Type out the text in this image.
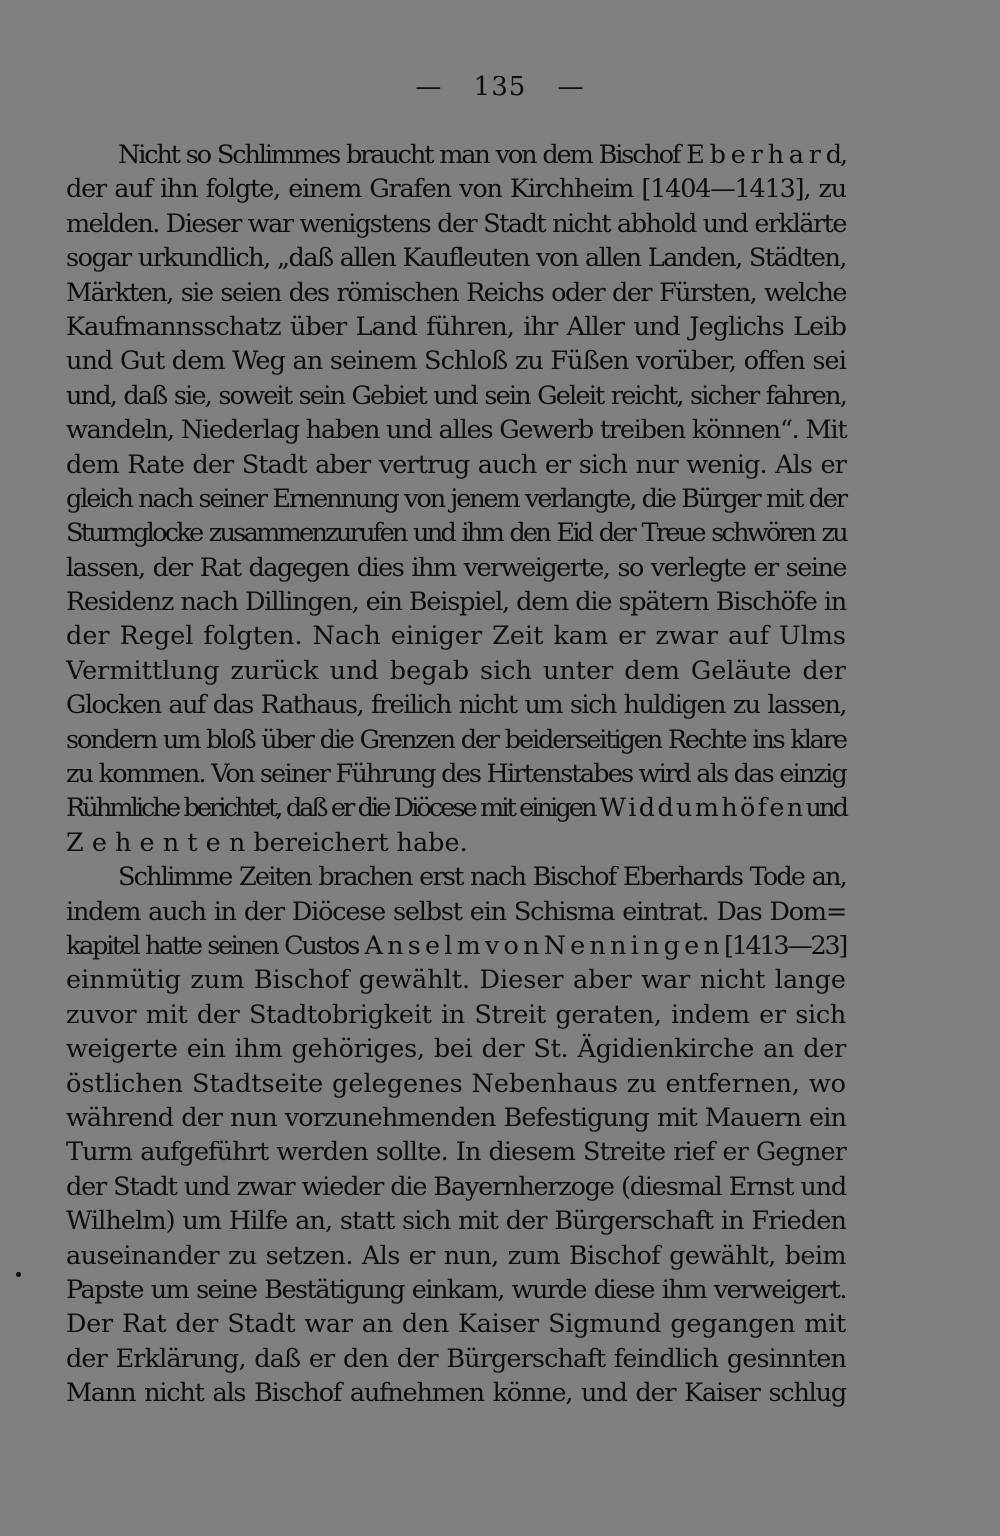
— 135 —
Nicht so Schlimmes braucht man von dem Bischof E b e r h a r d,
der auf ihn folgte, einem Grafen von Kirchheim [1404—1413], zu
melden. Dieser war wenigstens der Stadt nicht abhold und erklärte
sogar urkundlich, „daß allen Kaufleuten von allen Landen, Städten,
Märkten, sie seien des römischen Reichs oder der Fürsten, welche
Kaufmannsschatz über Land führen, ihr Aller und Jeglichs Leib
und Gut dem Weg an seinem Schloß zu Füßen vorüber, offen sei
und, daß sie, soweit sein Gebiet und sein Geleit reicht, sicher fahren,
wandeln, Niederlag haben und alles Gewerb treiben können“. Mit
dem Rate der Stadt aber vertrug auch er sich nur wenig. Als er
gleich nach seiner Ernennung von jenem verlangte, die Bürger mit der
Sturmglocke zusammenzurufen und ihm den Eid der Treue schwören zu
lassen, der Rat dagegen dies ihm verweigerte, so verlegte er seine
Residenz nach Dillingen, ein Beispiel, dem die spätern Bischöfe in
der Regel folgten. Nach einiger Zeit kam er zwar auf Ulms
Vermittlung zurück und begab sich unter dem Geläute der
Glocken auf das Rathaus, freilich nicht um sich huldigen zu lassen,
sondern um bloß über die Grenzen der beiderseitigen Rechte ins klare
zu kommen. Von seiner Führung des Hirtenstabes wird als das einzig
Rühmliche berichtet, daß er die Diöcese mit einigen W i d d u m h ö f e n und
Z e h e n t e n bereichert habe.
Schlimme Zeiten brachen erst nach Bischof Eberhards Tode an,
indem auch in der Diöcese selbst ein Schisma eintrat. Das Dom=
kapitel hatte seinen Custos A n s e l m v o n N e n n i n g e n [1413—23]
einmütig zum Bischof gewählt. Dieser aber war nicht lange
zuvor mit der Stadtobrigkeit in Streit geraten, indem er sich
weigerte ein ihm gehöriges, bei der St. Ägidienkirche an der
östlichen Stadtseite gelegenes Nebenhaus zu entfernen, wo
während der nun vorzunehmenden Befestigung mit Mauern ein
Turm aufgeführt werden sollte. In diesem Streite rief er Gegner
der Stadt und zwar wieder die Bayernherzoge (diesmal Ernst und
Wilhelm) um Hilfe an, statt sich mit der Bürgerschaft in Frieden
auseinander zu setzen. Als er nun, zum Bischof gewählt, beim
Papste um seine Bestätigung einkam, wurde diese ihm verweigert.
Der Rat der Stadt war an den Kaiser Sigmund gegangen mit
der Erklärung, daß er den der Bürgerschaft feindlich gesinnten
Mann nicht als Bischof aufnehmen könne, und der Kaiser schlug
